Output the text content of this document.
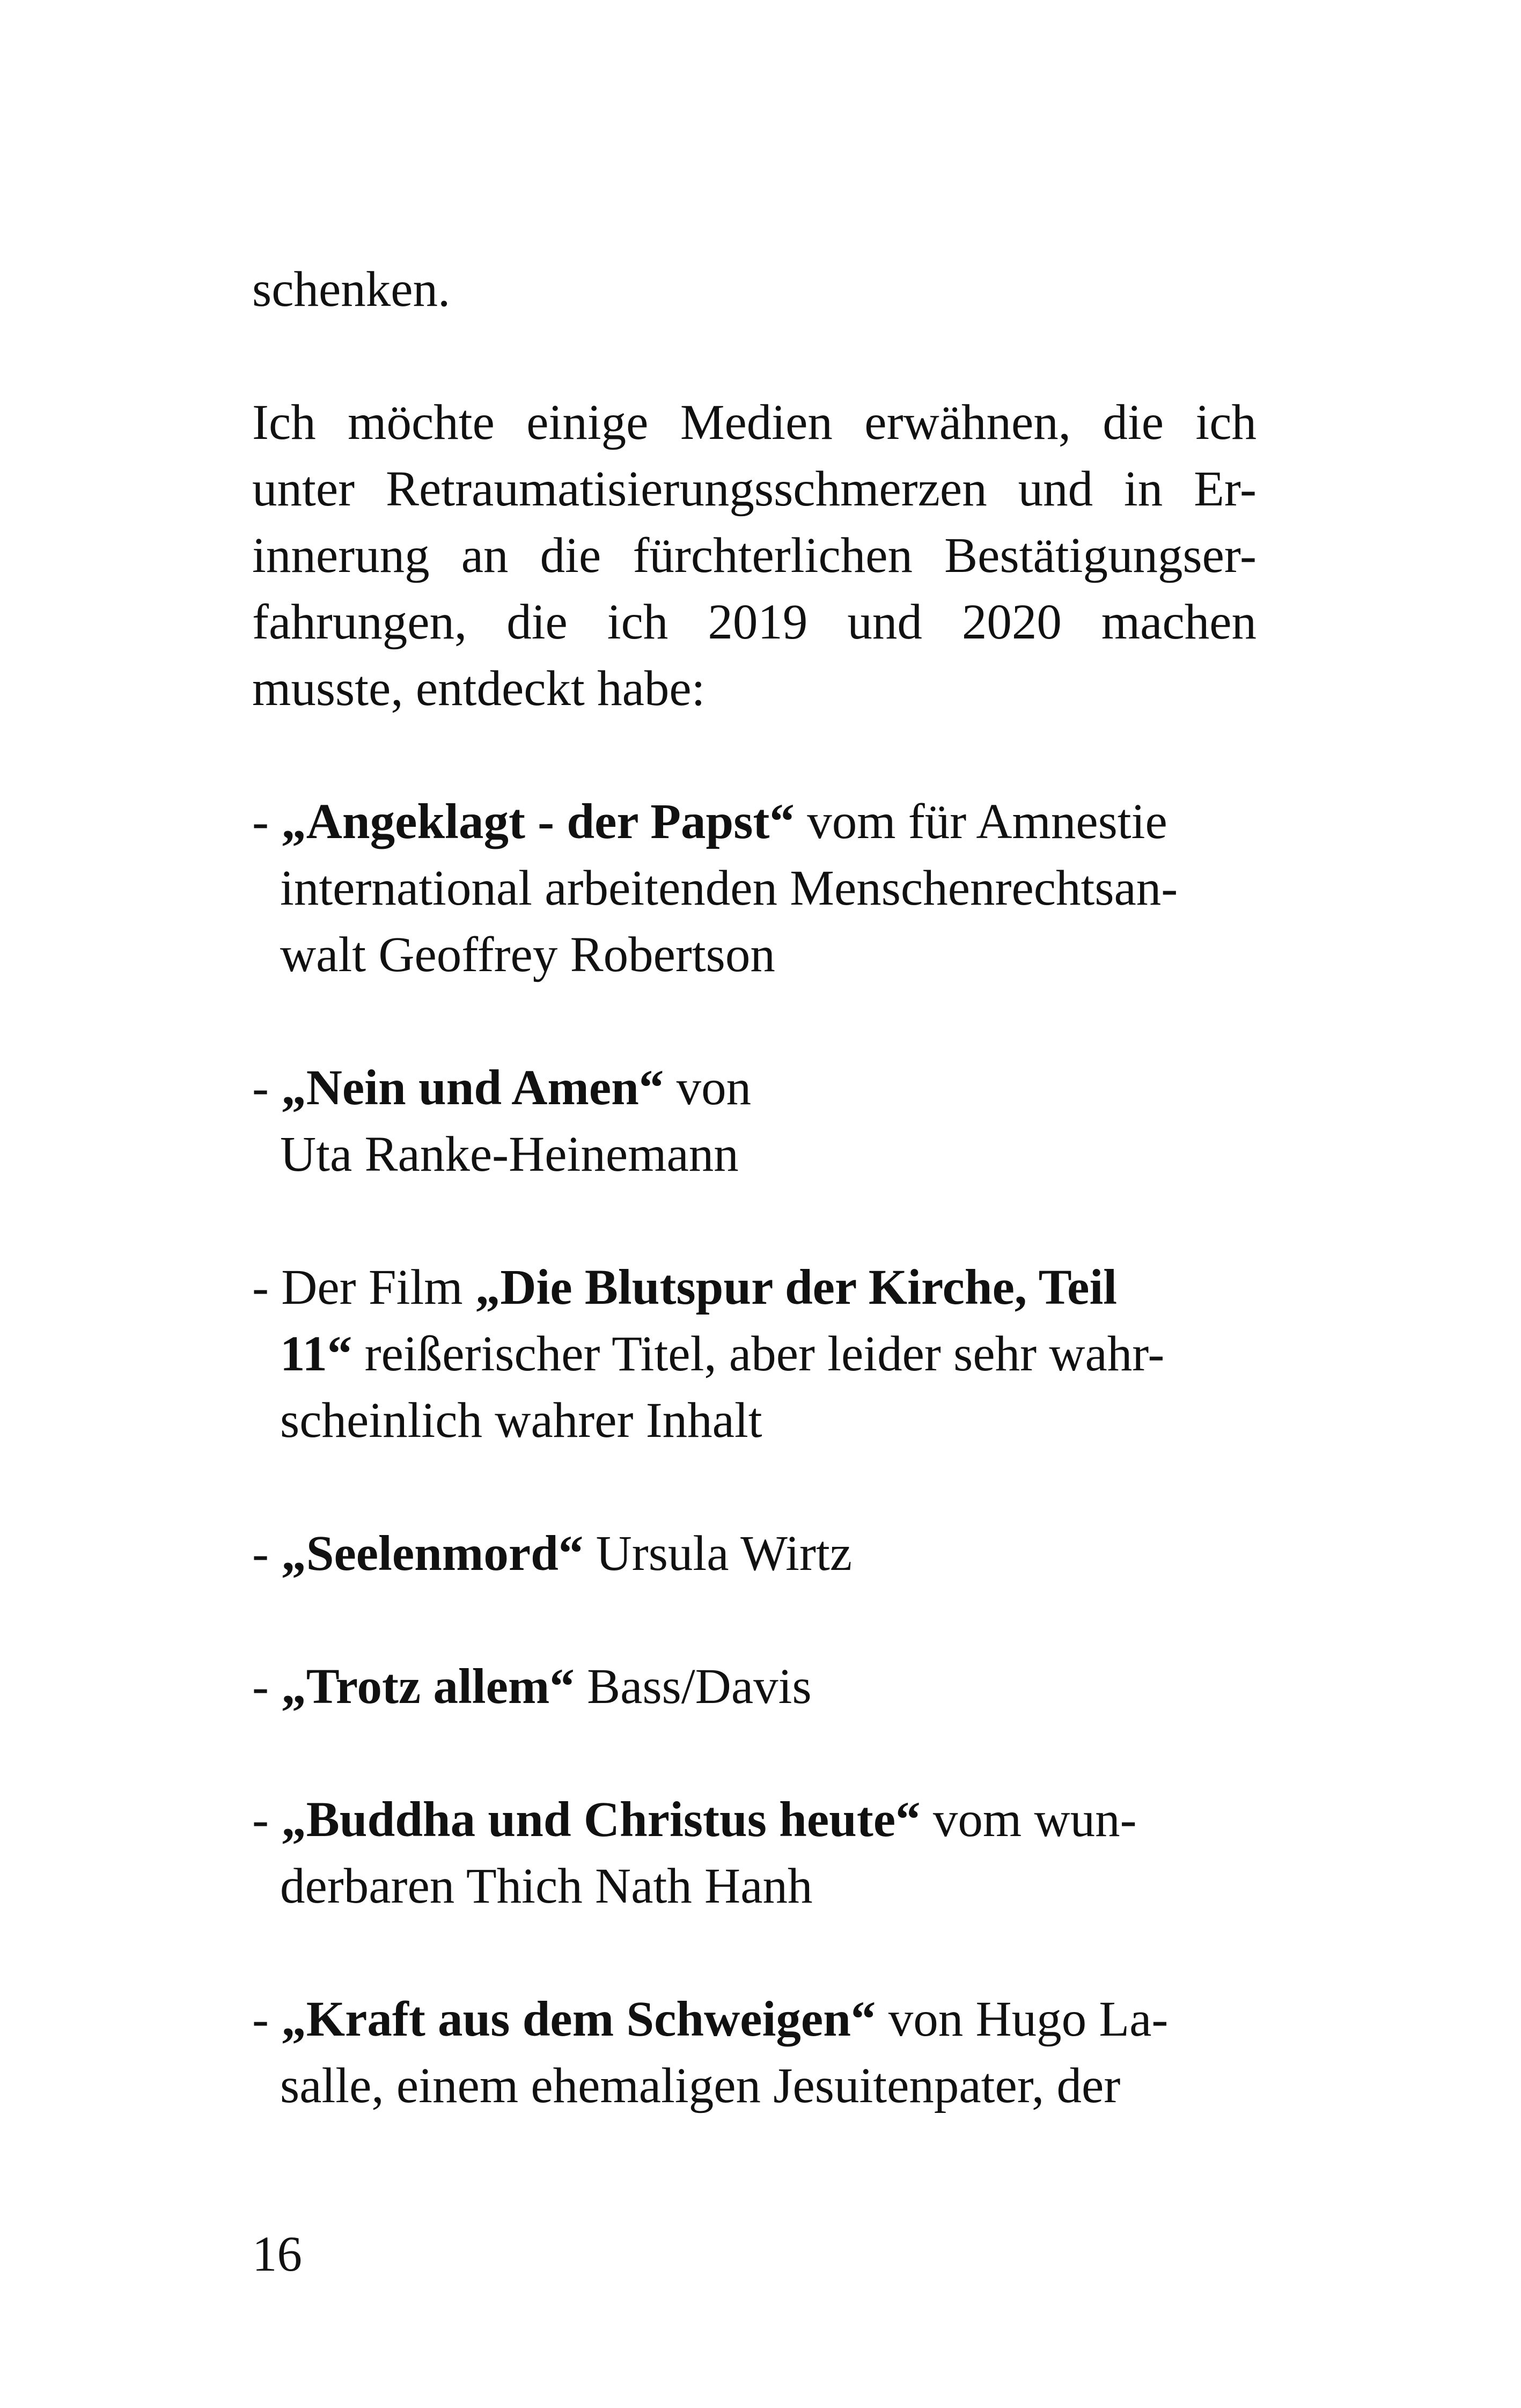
schenken.
Ich möchte einige Medien erwähnen, die ich
unter Retraumatisierungsschmerzen und in Er-
innerung an die fürchterlichen Bestätigungser-
fahrungen, die ich 2019 und 2020 machen
musste, entdeckt habe:
- „Angeklagt - der Papst“ vom für Amnestie
international arbeitenden Menschenrechtsan-
walt Geoffrey Robertson
- „Nein und Amen“ von
Uta Ranke-Heinemann
- Der Film „Die Blutspur der Kirche, Teil
11“ reißerischer Titel, aber leider sehr wahr-
scheinlich wahrer Inhalt
- „Seelenmord“ Ursula Wirtz
- „Trotz allem“ Bass/Davis
- „Buddha und Christus heute“ vom wun-
derbaren Thich Nath Hanh
- „Kraft aus dem Schweigen“ von Hugo La-
salle, einem ehemaligen Jesuitenpater, der
16
